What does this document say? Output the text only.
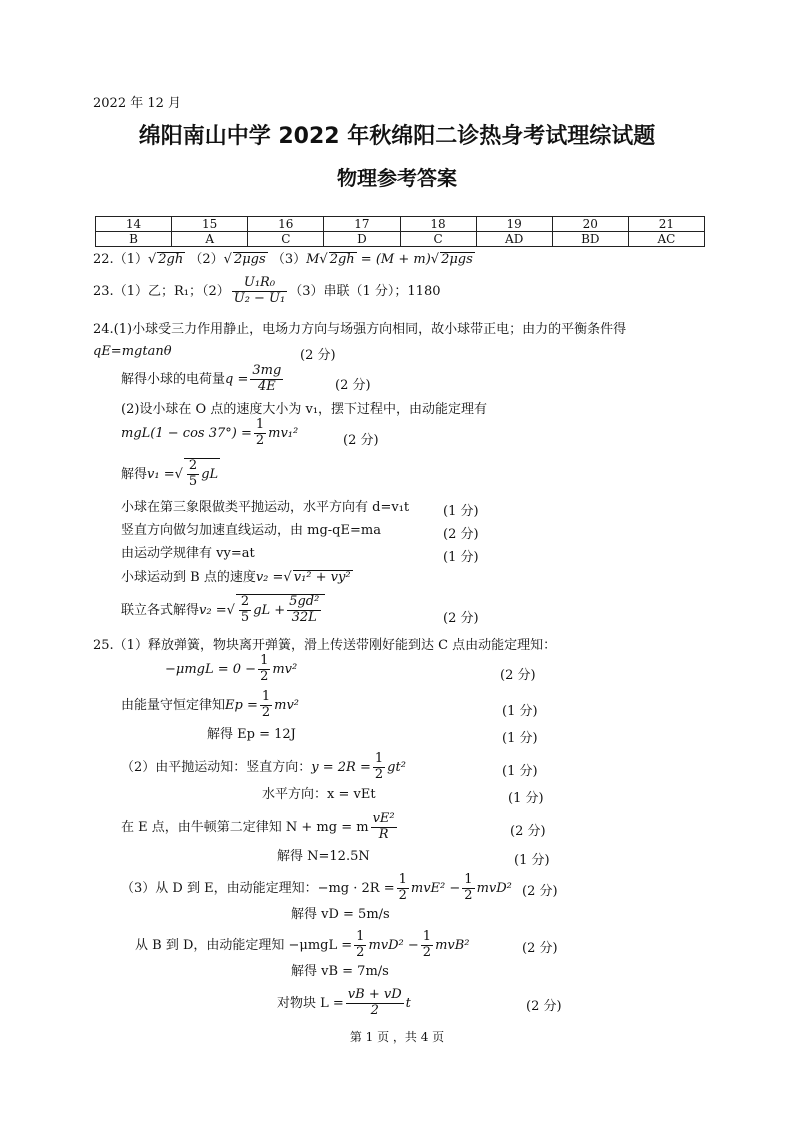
2022 年 12 月
绵阳南山中学 2022 年秋绵阳二诊热身考试理综试题
物理参考答案
14	15	16	17	18	19	20	21
B	A	C	D	C	AD	BD	AC
22.（1） √ 2gh （2） √ 2μgs （3）M √ 2gh = (M + m) √ 2μgs
23.（1）乙；R₁；$(2) \frac{\text{U₁R₀}}{\text{U₂ − U₁}} (3)$串联（1 分）；1180
24.(1)小球受三力作用静止，电场力方向与场强方向相同，故小球带正电；由力的平衡条件得
qE=mgtanθ	(2 分)
解得小球的电荷量$q = \frac{3mg}{4E}$	(2 分)
(2)设小球在 O 点的速度大小为 v₁，摆下过程中，由动能定理有
$mgL(1 - \cos 37^\circ) = \frac{1}{2} mv_1^2$	(2 分)
解得v₁ =√ $\frac{2}{5}$ gL
小球在第三象限做类平抛运动，水平方向有 d=v₁t	(1 分)
竖直方向做匀加速直线运动，由 mg-qE=ma	(2 分)
由运动学规律有 vy=at	(1 分)
小球运动到 B 点的速度v₂ = √ v₁² + vy²
联立各式解得v₂ =√ $\frac{2}{5}$ gL + $\frac{\text{5gd²}}{32L}$	(2 分)
25.（1）释放弹簧，物块离开弹簧，滑上传送带刚好能到达 C 点由动能定理知：
$-\mu mgL = 0 - \frac{1}{2} mv^2$	(2 分)
由能量守恒定律知$Ep = \frac{1}{2} mv^2$	(1 分)
解得 Ep = 12J	(1 分)
（2）由平抛运动知：竖直方向：$y = 2R = \frac{1}{2} gt^2$	(1 分)
水平方向：x = vEt	(1 分)
在 E 点，由牛顿第二定律知 N + mg = m $\frac{\text{vE²}}{R}$	(2 分)
解得 N=12.5N	(1 分)
（3）从 D 到 E，由动能定理知：$-mg \cdot 2R = \frac{1}{2} mvE^2 - \frac{1}{2} mvD^2$ (2 分)
解得 vD = 5m/s
从 B 到 D，由动能定理知 $-\mu mgL = \frac{1}{2} mvD^2 - \frac{1}{2} mvB^2$	(2 分)
解得 vB = 7m/s
对物块 $L = \frac{vB + vD}{2}$ t	(2 分)
第 1 页 ，共 4 页
